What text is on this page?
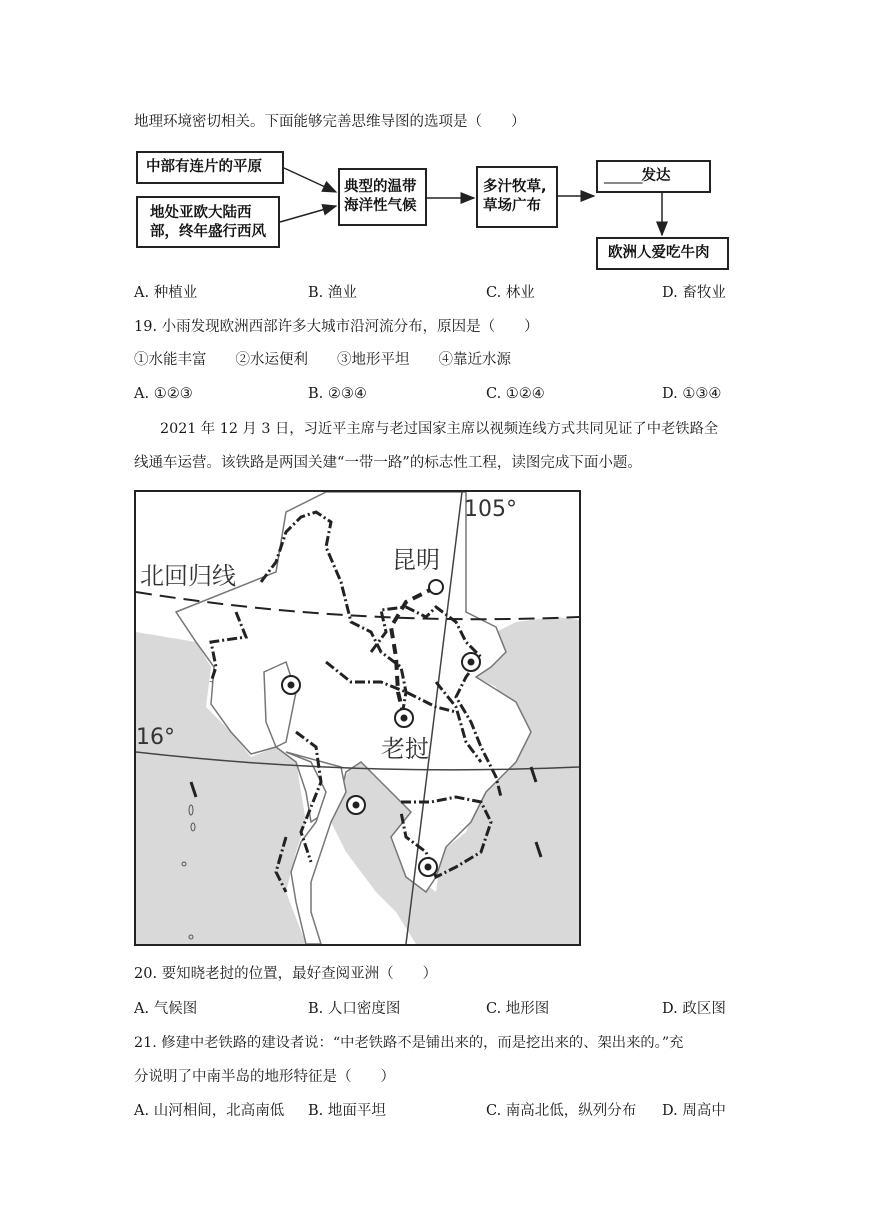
地理环境密切相关。下面能够完善思维导图的选项是（　　）
中部有连片的平原
地处亚欧大陆西
部，终年盛行西风
典型的温带
海洋性气候
多汁牧草,
草场广布
______发达
欧洲人爱吃牛肉
A. 种植业	B. 渔业	C. 林业	D. 畜牧业
19. 小雨发现欧洲西部许多大城市沿河流分布，原因是（　　）
①水能丰富　　②水运便利　　③地形平坦　　④靠近水源
A. ①②③	B. ②③④	C. ①②④	D. ①③④
2021 年 12 月 3 日，习近平主席与老过国家主席以视频连线方式共同见证了中老铁路全
线通车运营。该铁路是两国关建“一带一路”的标志性工程，读图完成下面小题。
105°
北回归线
昆明
16°	老挝
20. 要知晓老挝的位置，最好查阅亚洲（　　）
A. 气候图	B. 人口密度图	C. 地形图	D. 政区图
21. 修建中老铁路的建设者说：“中老铁路不是铺出来的，而是挖出来的、架出来的。”充
分说明了中南半岛的地形特征是（　　）
A. 山河相间，北高南低 B. 地面平坦	C. 南高北低，纵列分布 D. 周高中
